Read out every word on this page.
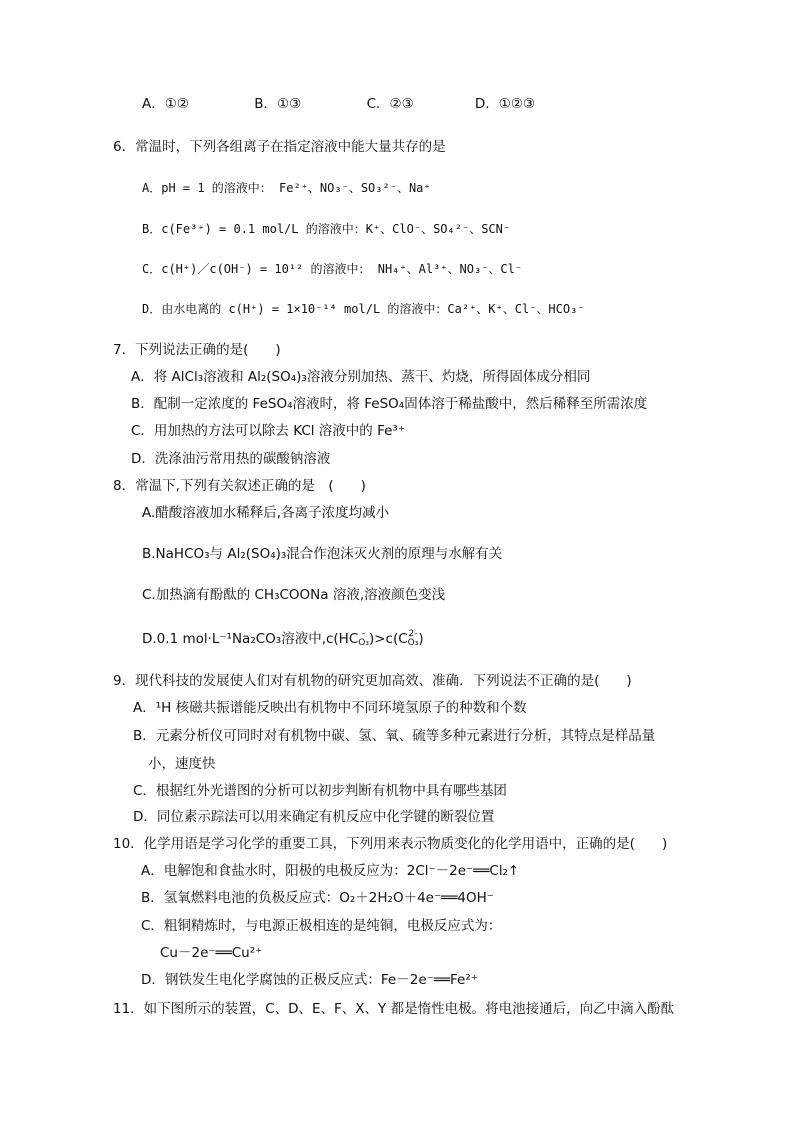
A．①②	B．①③	C．②③	D．①②③
6．常温时，下列各组离子在指定溶液中能大量共存的是
A．pH = 1 的溶液中： Fe²⁺、NO₃⁻、SO₃²⁻、Na⁺
B．c(Fe³⁺) = 0.1 mol/L 的溶液中：K⁺、ClO⁻、SO₄²⁻、SCN⁻
C．c(H⁺)／c(OH⁻) = 10¹² 的溶液中： NH₄⁺、Al³⁺、NO₃⁻、Cl⁻
D．由水电离的 c(H⁺) = 1×10⁻¹⁴ mol/L 的溶液中：Ca²⁺、K⁺、Cl⁻、HCO₃⁻
7．下列说法正确的是(　　)
A．将 AlCl₃溶液和 Al₂(SO₄)₃溶液分别加热、蒸干、灼烧，所得固体成分相同
B．配制一定浓度的 FeSO₄溶液时，将 FeSO₄固体溶于稀盐酸中，然后稀释至所需浓度
C．用加热的方法可以除去 KCl 溶液中的 Fe³⁺
D．洗涤油污常用热的碳酸钠溶液
8．常温下,下列有关叙述正确的是　(　　)
A.醋酸溶液加水稀释后,各离子浓度均减小
B.NaHCO₃与 Al₂(SO₄)₃混合作泡沫灭火剂的原理与水解有关
C.加热滴有酚酞的 CH₃COONa 溶液,溶液颜色变浅
D.0.1 mol·L⁻¹Na₂CO₃溶液中,c(HC -
O₃)>c(C2-
O₃)
9．现代科技的发展使人们对有机物的研究更加高效、准确．下列说法不正确的是(　　)
A．¹H 核磁共振谱能反映出有机物中不同环境氢原子的种数和个数
B．元素分析仪可同时对有机物中碳、氢、氧、硫等多种元素进行分析，其特点是样品量
小，速度快
C．根据红外光谱图的分析可以初步判断有机物中具有哪些基团
D．同位素示踪法可以用来确定有机反应中化学键的断裂位置
10．化学用语是学习化学的重要工具，下列用来表示物质变化的化学用语中，正确的是(　　)
A．电解饱和食盐水时，阳极的电极反应为：2Cl⁻－2e⁻══Cl₂↑
B．氢氧燃料电池的负极反应式：O₂＋2H₂O＋4e⁻══4OH⁻
C．粗铜精炼时，与电源正极相连的是纯铜，电极反应式为：
Cu－2e⁻══Cu²⁺
D．钢铁发生电化学腐蚀的正极反应式：Fe－2e⁻══Fe²⁺
11．如下图所示的装置，C、D、E、F、X、Y 都是惰性电极。将电池接通后，向乙中滴入酚酞
